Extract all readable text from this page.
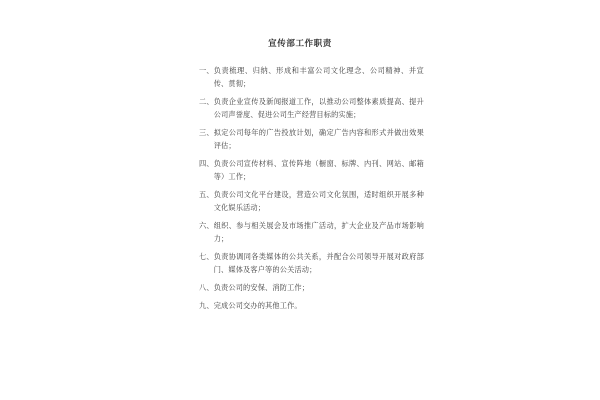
宣传部工作职责
一、 负责梳理、归纳、形成和丰富公司文化理念、公司精神、并宣传、贯彻；
二、 负责企业宣传及新闻报道工作，以推动公司整体素质提高、提升公司声誉度、促进公司生产经营目标的实施；
三、 拟定公司每年的广告投放计划，确定广告内容和形式并做出效果评估；
四、 负责公司宣传材料、宣传阵地（橱窗、标牌、内刊、网站、邮箱等）工作；
五、 负责公司文化平台建设，营造公司文化氛围，适时组织开展多种文化娱乐活动；
六、 组织、参与相关展会及市场推广活动，扩大企业及产品市场影响力；
七、 负责协调同各类媒体的公共关系，并配合公司领导开展对政府部门、媒体及客户等的公关活动；
八、 负责公司的安保、消防工作；
九、 完成公司交办的其他工作。
